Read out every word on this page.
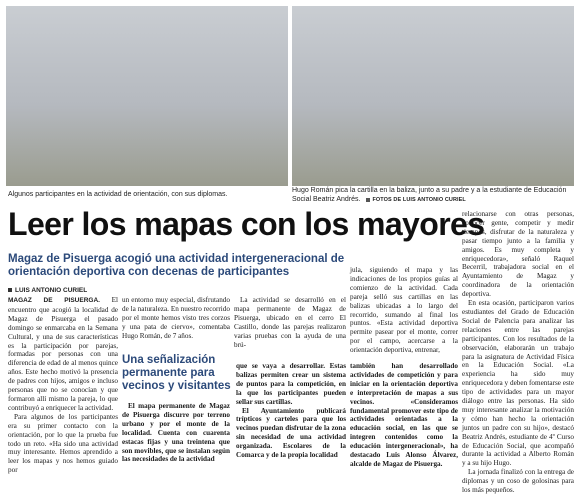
Algunos participantes en la actividad de orientación, con sus diplomas.
Hugo Román pica la cartilla en la baliza, junto a su padre y a la estudiante de Educación Social Beatriz Andrés. FOTOS DE LUIS ANTONIO CURIEL
Leer los mapas con los mayores
Magaz de Pisuerga acogió una actividad intergeneracional de orientación deportiva con decenas de participantes
LUIS ANTONIO CURIEL

MAGAZ DE PISUERGA. El encuentro que acogió la localidad de Magaz de Pisuerga el pasado domingo se enmarcaba en la Semana Cultural, y una de sus características es la participación por parejas, formadas por personas con una diferencia de edad de al menos quince años. Este hecho motivó la presencia de padres con hijos, amigos e incluso personas que no se conocían y que formaron allí mismo la pareja, lo que contribuyó a enriquecer la actividad.

Para algunos de los participantes era su primer contacto con la orientación, por lo que la prueba fue todo un reto. «Ha sido una actividad muy interesante. Hemos aprendido a leer los mapas y nos hemos guiado por

un entorno muy especial, disfrutando de la naturaleza. En nuestro recorrido por el monte hemos visto tres corzos y una pata de ciervo», comentaba Hugo Román, de 7 años.

La actividad se desarrolló en el mapa permanente de Magaz de Pisuerga, ubicado en el cerro El Castillo, donde las parejas realizaron varias pruebas con la ayuda de una brú-

jula, siguiendo el mapa y las indicaciones de los propios guías al comienzo de la actividad. Cada pareja selló sus cartillas en las balizas ubicadas a lo largo del recorrido, sumando al final los puntos. «Esta actividad deportiva permite pasear por el monte, correr por el campo, acercarse a la orientación deportiva, entrenar,

relacionarse con otras personas, conocer gente, competir y medir tiempos, disfrutar de la naturaleza y pasar tiempo junto a la familia y amigos. Es muy completa y enriquecedora», señaló Raquel Becerril, trabajadora social en el Ayuntamiento de Magaz y coordinadora de la orientación deportiva.

En esta ocasión, participaron varios estudiantes del Grado de Educación Social de Palencia para analizar las relaciones entre las parejas participantes. Con los resultados de la observación, elaborarán un trabajo para la asignatura de Actividad Física en la Educación Social. «La experiencia ha sido muy enriquecedora y deben fomentarse este tipo de actividades para un mayor diálogo entre las personas. Ha sido muy interesante analizar la motivación y cómo han hecho la orientación juntos un padre con su hijo», destacó Beatriz Andrés, estudiante de 4º Curso de Educación Social, que acompañó durante la actividad a Alberto Román y a su hijo Hugo.

La jornada finalizó con la entrega de diplomas y un coso de golosinas para los más pequeños.

Una señalización permanente para vecinos y visitantes

El mapa permanente de Magaz de Pisuerga discurre por terreno urbano y por el monte de la localidad. Cuenta con cuarenta estacas fijas y una treintena que son movibles, que se instalan según las necesidades de la actividad

que se vaya a desarrollar. Estas balizas permiten crear un sistema de puntos para la competición, en la que los participantes pueden sellar sus cartillas.

El Ayuntamiento publicará trípticos y carteles para que los vecinos puedan disfrutar de la zona sin necesidad de una actividad organizada. Escolares de la Comarca y de la propia localidad

también han desarrollado actividades de competición y para iniciar en la orientación deportiva e interpretación de mapas a sus vecinos. «Consideramos fundamental promover este tipo de actividades orientadas a la educación social, en las que se integren contenidos como la educación intergeneracional», ha destacado Luis Alonso Álvarez, alcalde de Magaz de Pisuerga.
